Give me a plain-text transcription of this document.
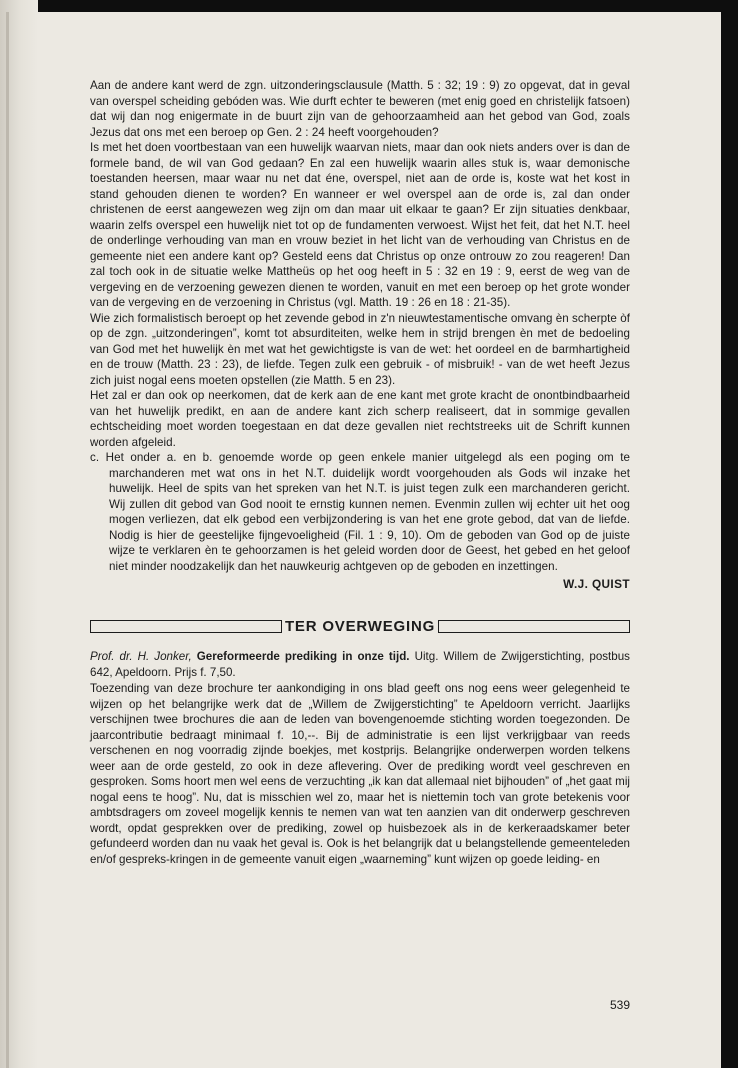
Aan de andere kant werd de zgn. uitzonderingsclausule (Matth. 5 : 32; 19 : 9) zo opgevat, dat in geval van overspel scheiding gebóden was. Wie durft echter te beweren (met enig goed en christelijk fatsoen) dat wij dan nog enigermate in de buurt zijn van de gehoorzaamheid aan het gebod van God, zoals Jezus dat ons met een beroep op Gen. 2 : 24 heeft voorgehouden?

Is met het doen voortbestaan van een huwelijk waarvan niets, maar dan ook niets anders over is dan de formele band, de wil van God gedaan? En zal een huwelijk waarin alles stuk is, waar demonische toestanden heersen, maar waar nu net dat éne, overspel, niet aan de orde is, koste wat het kost in stand gehouden dienen te worden? En wanneer er wel overspel aan de orde is, zal dan onder christenen de eerst aangewezen weg zijn om dan maar uit elkaar te gaan? Er zijn situaties denkbaar, waarin zelfs overspel een huwelijk niet tot op de fundamenten verwoest. Wijst het feit, dat het N.T. heel de onderlinge verhouding van man en vrouw beziet in het licht van de verhouding van Christus en de gemeente niet een andere kant op? Gesteld eens dat Christus op onze ontrouw zo zou reageren! Dan zal toch ook in de situatie welke Mattheüs op het oog heeft in 5 : 32 en 19 : 9, eerst de weg van de vergeving en de verzoening gewezen dienen te worden, vanuit en met een beroep op het grote wonder van de vergeving en de verzoening in Christus (vgl. Matth. 19 : 26 en 18 : 21-35).

Wie zich formalistisch beroept op het zevende gebod in z'n nieuwtestamentische omvang èn scherpte òf op de zgn. „uitzonderingen”, komt tot absurditeiten, welke hem in strijd brengen èn met de bedoeling van God met het huwelijk èn met wat het gewichtigste is van de wet: het oordeel en de barmhartigheid en de trouw (Matth. 23 : 23), de liefde. Tegen zulk een gebruik - of misbruik! - van de wet heeft Jezus zich juist nogal eens moeten opstellen (zie Matth. 5 en 23).

Het zal er dan ook op neerkomen, dat de kerk aan de ene kant met grote kracht de onontbindbaarheid van het huwelijk predikt, en aan de andere kant zich scherp realiseert, dat in sommige gevallen echtscheiding moet worden toegestaan en dat deze gevallen niet rechtstreeks uit de Schrift kunnen worden afgeleid.

c. Het onder a. en b. genoemde worde op geen enkele manier uitgelegd als een poging om te marchanderen met wat ons in het N.T. duidelijk wordt voorgehouden als Gods wil inzake het huwelijk. Heel de spits van het spreken van het N.T. is juist tegen zulk een marchanderen gericht. Wij zullen dit gebod van God nooit te ernstig kunnen nemen. Evenmin zullen wij echter uit het oog mogen verliezen, dat elk gebod een verbijzondering is van het ene grote gebod, dat van de liefde. Nodig is hier de geestelijke fijngevoeligheid (Fil. 1 : 9, 10). Om de geboden van God op de juiste wijze te verklaren èn te gehoorzamen is het geleid worden door de Geest, het gebed en het geloof niet minder noodzakelijk dan het nauwkeurig achtgeven op de geboden en inzettingen.

W.J. QUIST
TER OVERWEGING

Prof. dr. H. Jonker, Gereformeerde prediking in onze tijd. Uitg. Willem de Zwijgerstichting, postbus 642, Apeldoorn. Prijs f. 7,50.

Toezending van deze brochure ter aankondiging in ons blad geeft ons nog eens weer gelegenheid te wijzen op het belangrijke werk dat de „Willem de Zwijgerstichting” te Apeldoorn verricht. Jaarlijks verschijnen twee brochures die aan de leden van bovengenoemde stichting worden toegezonden. De jaarcontributie bedraagt minimaal f. 10,--. Bij de administratie is een lijst verkrijgbaar van reeds verschenen en nog voorradig zijnde boekjes, met kostprijs. Belangrijke onderwerpen worden telkens weer aan de orde gesteld, zo ook in deze aflevering. Over de prediking wordt veel geschreven en gesproken. Soms hoort men wel eens de verzuchting „ik kan dat allemaal niet bijhouden” of „het gaat mij nogal eens te hoog”. Nu, dat is misschien wel zo, maar het is niettemin toch van grote betekenis voor ambtsdragers om zoveel mogelijk kennis te nemen van wat ten aanzien van dit onderwerp geschreven wordt, opdat gesprekken over de prediking, zowel op huisbezoek als in de kerkeraadskamer beter gefundeerd worden dan nu vaak het geval is. Ook is het belangrijk dat u belangstellende gemeenteleden en/of gespreks-kringen in de gemeente vanuit eigen „waarneming” kunt wijzen op goede leiding- en

539
